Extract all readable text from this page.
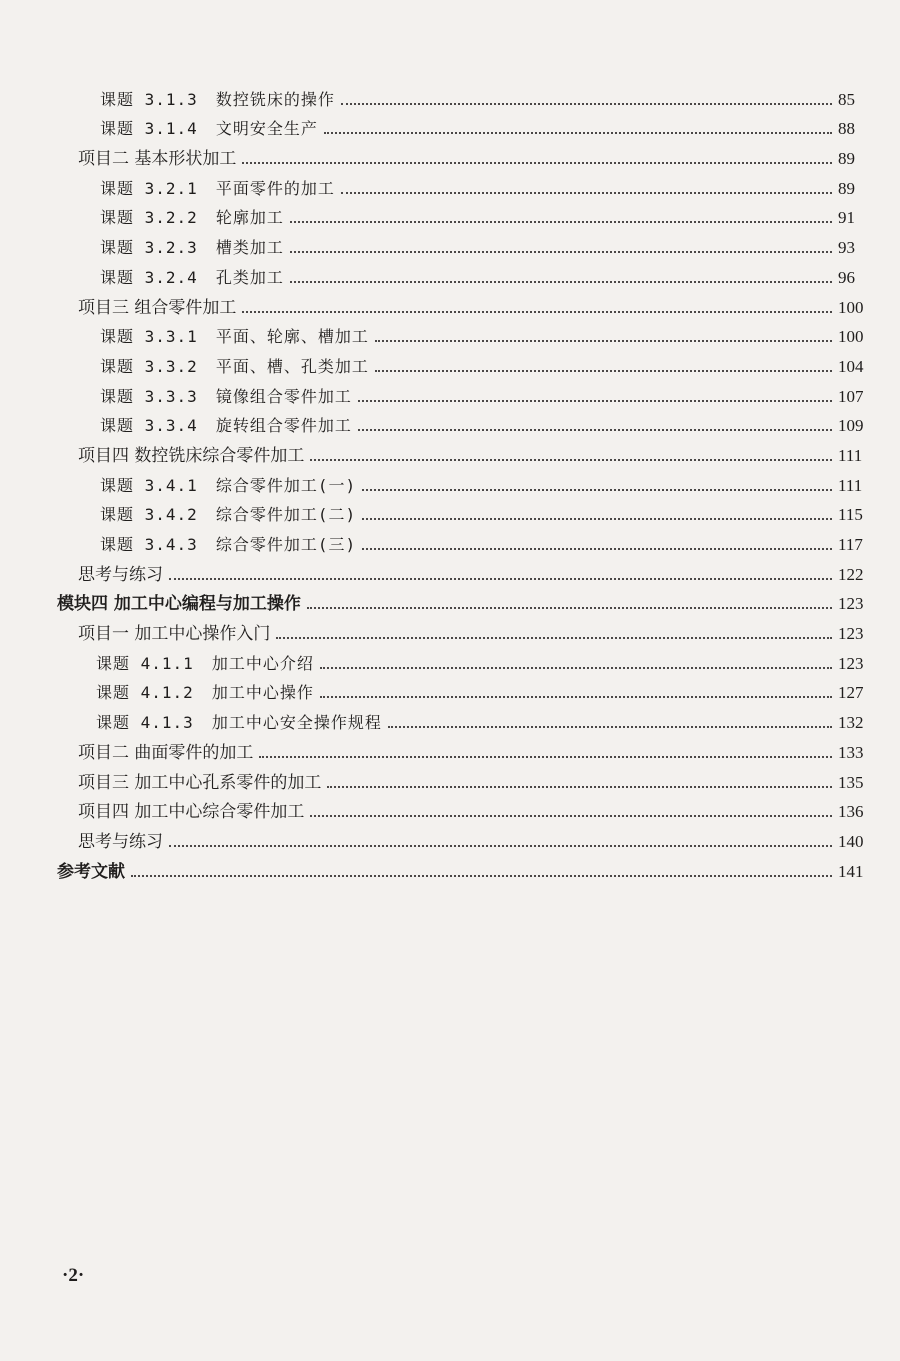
课题 3.1.3 数控铣床的操作	85
课题 3.1.4 文明安全生产	88
项目二 基本形状加工	89
课题 3.2.1 平面零件的加工	89
课题 3.2.2 轮廓加工	91
课题 3.2.3 槽类加工	93
课题 3.2.4 孔类加工	96
项目三 组合零件加工	100
课题 3.3.1 平面、轮廓、槽加工	100
课题 3.3.2 平面、槽、孔类加工	104
课题 3.3.3 镜像组合零件加工	107
课题 3.3.4 旋转组合零件加工	109
项目四 数控铣床综合零件加工	111
课题 3.4.1 综合零件加工(一)	111
课题 3.4.2 综合零件加工(二)	115
课题 3.4.3 综合零件加工(三)	117
思考与练习	122
模块四 加工中心编程与加工操作	123
项目一 加工中心操作入门	123
课题 4.1.1 加工中心介绍	123
课题 4.1.2 加工中心操作	127
课题 4.1.3 加工中心安全操作规程	132
项目二 曲面零件的加工	133
项目三 加工中心孔系零件的加工	135
项目四 加工中心综合零件加工	136
思考与练习	140
参考文献	141
·2·
